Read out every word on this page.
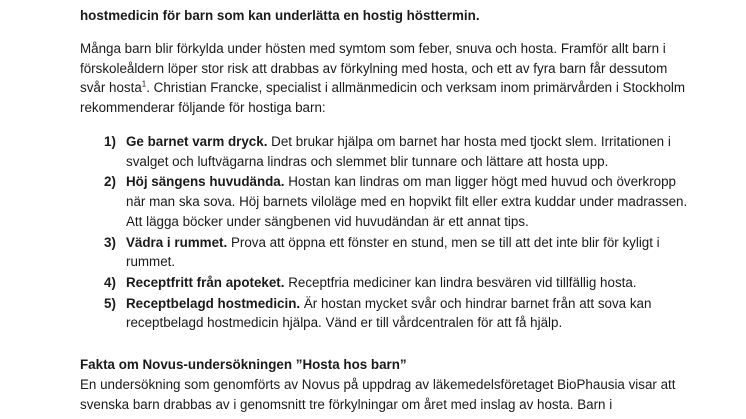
hostmedicin för barn som kan underlätta en hostig hösttermin.

Många barn blir förkylda under hösten med symtom som feber, snuva och hosta. Framför allt barn i förskoleåldern löper stor risk att drabbas av förkylning med hosta, och ett av fyra barn får dessutom svår hosta$^1$. Christian Francke, specialist i allmänmedicin och verksam inom primärvården i Stockholm rekommenderar följande för hostiga barn:

1) Ge barnet varm dryck. Det brukar hjälpa om barnet har hosta med tjockt slem. Irritationen i svalget och luftvägarna lindras och slemmet blir tunnare och lättare att hosta upp.
2) Höj sängens huvudända. Hostan kan lindras om man ligger högt med huvud och överkropp när man ska sova. Höj barnets viloläge med en hopvikt filt eller extra kuddar under madrassen. Att lägga böcker under sängbenen vid huvudändan är ett annat tips.
3) Vädra i rummet. Prova att öppna ett fönster en stund, men se till att det inte blir för kyligt i rummet.
4) Receptfritt från apoteket. Receptfria mediciner kan lindra besvären vid tillfällig hosta.
5) Receptbelagd hostmedicin. Är hostan mycket svår och hindrar barnet från att sova kan receptbelagd hostmedicin hjälpa. Vänd er till vårdcentralen för att få hjälp.
Fakta om Novus-undersökningen ”Hosta hos barn”

En undersökning som genomförts av Novus på uppdrag av läkemedelsföretaget BioPhausia visar att svenska barn drabbas av i genomsnitt tre förkylningar om året med inslag av hosta. Barn i
